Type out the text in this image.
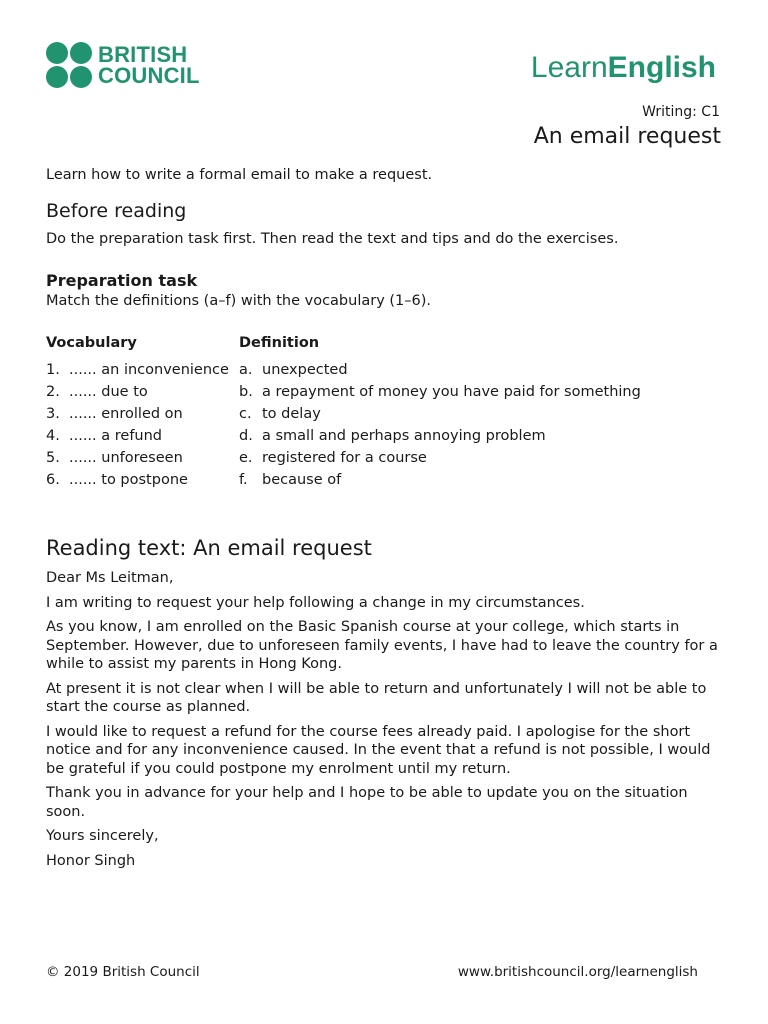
BRITISH
COUNCIL	LearnEnglish
Writing: C1
An email request

Learn how to write a formal email to make a request.

Before reading

Do the preparation task first. Then read the text and tips and do the exercises.

Preparation task

Match the definitions (a–f) with the vocabulary (1–6).

Vocabulary	Definition
1. ...... an inconvenience a. unexpected
2. ...... due to	b. a repayment of money you have paid for something
3. ...... enrolled on	c. to delay
4. ...... a refund	d. a small and perhaps annoying problem
5. ...... unforeseen	e. registered for a course
6. ...... to postpone	f. because of
Reading text: An email request

Dear Ms Leitman,

I am writing to request your help following a change in my circumstances.

As you know, I am enrolled on the Basic Spanish course at your college, which starts in September. However, due to unforeseen family events, I have had to leave the country for a while to assist my parents in Hong Kong.

At present it is not clear when I will be able to return and unfortunately I will not be able to start the course as planned.

I would like to request a refund for the course fees already paid. I apologise for the short notice and for any inconvenience caused. In the event that a refund is not possible, I would be grateful if you could postpone my enrolment until my return.

Thank you in advance for your help and I hope to be able to update you on the situation soon.

Yours sincerely,

Honor Singh

© 2019 British Council	www.britishcouncil.org/learnenglish
